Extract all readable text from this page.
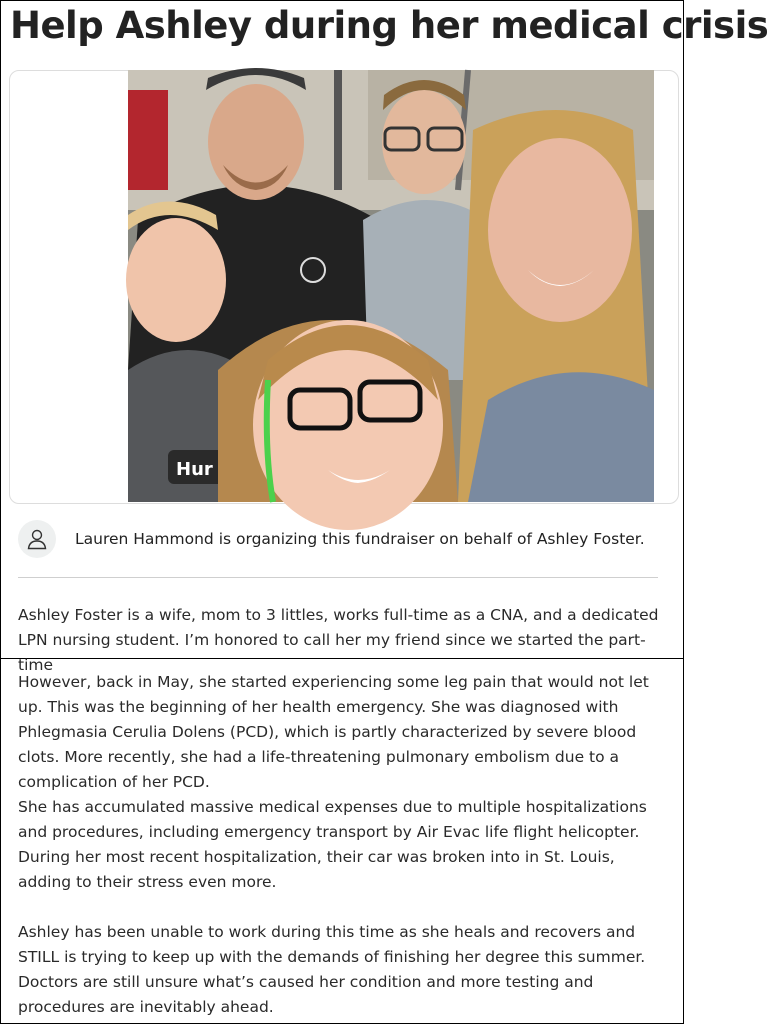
Help Ashley during her medical crisis
Hur
Lauren Hammond is organizing this fundraiser on behalf of Ashley Foster.

Ashley Foster is a wife, mom to 3 littles, works full-time as a CNA, and a dedicated LPN nursing student. I’m honored to call her my friend since we started the part-time

However, back in May, she started experiencing some leg pain that would not let up. This was the beginning of her health emergency. She was diagnosed with Phlegmasia Cerulia Dolens (PCD), which is partly characterized by severe blood clots. More recently, she had a life-threatening pulmonary embolism due to a complication of her PCD.

She has accumulated massive medical expenses due to multiple hospitalizations and procedures, including emergency transport by Air Evac life flight helicopter. During her most recent hospitalization, their car was broken into in St. Louis, adding to their stress even more.

Ashley has been unable to work during this time as she heals and recovers and STILL is trying to keep up with the demands of finishing her degree this summer. Doctors are still unsure what’s caused her condition and more testing and procedures are inevitably ahead.
